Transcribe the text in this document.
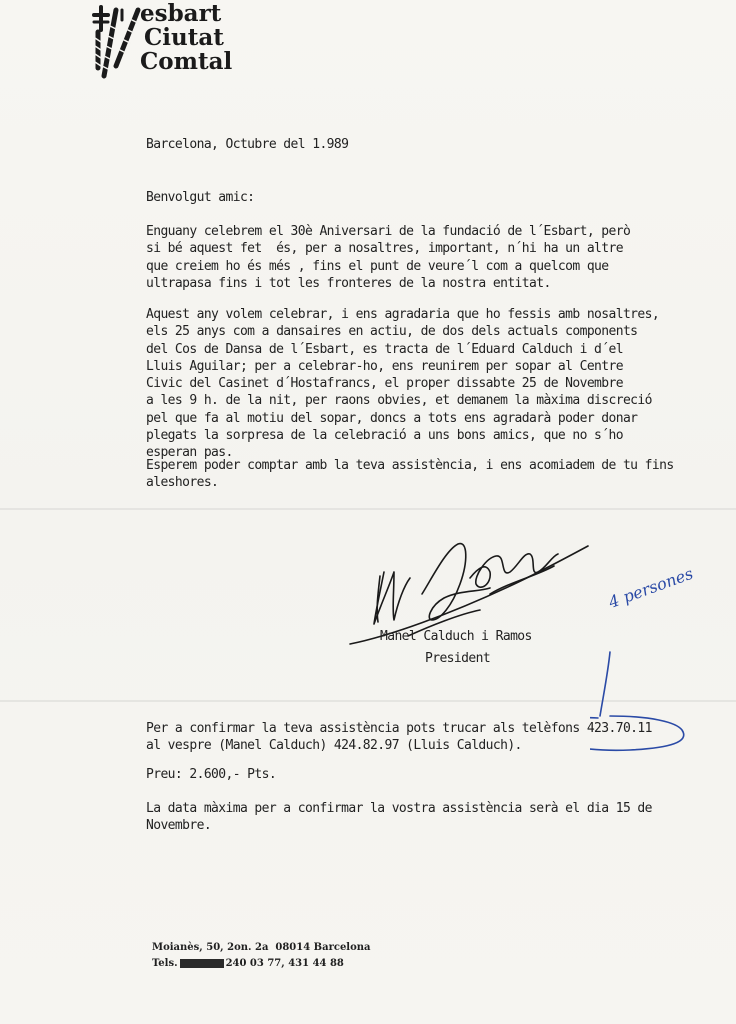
esbart
Ciutat
Comtal
Barcelona, Octubre del 1.989
Benvolgut amic:
Enguany celebrem el 30è Aniversari de la fundació de l´Esbart, però
si bé aquest fet  és, per a nosaltres, important, n´hi ha un altre
que creiem ho és més , fins el punt de veure´l com a quelcom que
ultrapasa fins i tot les fronteres de la nostra entitat.
Aquest any volem celebrar, i ens agradaria que ho fessis amb nosaltres,
els 25 anys com a dansaires en actiu, de dos dels actuals components
del Cos de Dansa de l´Esbart, es tracta de l´Eduard Calduch i d´el
Lluis Aguilar; per a celebrar-ho, ens reunirem per sopar al Centre
Civic del Casinet d´Hostafrancs, el proper dissabte 25 de Novembre
a les 9 h. de la nit, per raons obvies, et demanem la màxima discreció
pel que fa al motiu del sopar, doncs a tots ens agradarà poder donar
plegats la sorpresa de la celebració a uns bons amics, que no s´ho
esperan pas.
Esperem poder comptar amb la teva assistència, i ens acomiadem de tu fins
aleshores.
Manel Calduch i Ramos
President
4 persones
Per a confirmar la teva assistència pots trucar als telèfons 423.70.11
al vespre (Manel Calduch) 424.82.97 (Lluis Calduch).
Preu: 2.600,- Pts.
La data màxima per a confirmar la vostra assistència serà el dia 15 de
Novembre.
Moianès, 50, 2on. 2a  08014 Barcelona
Tels.	240 03 77, 431 44 88
